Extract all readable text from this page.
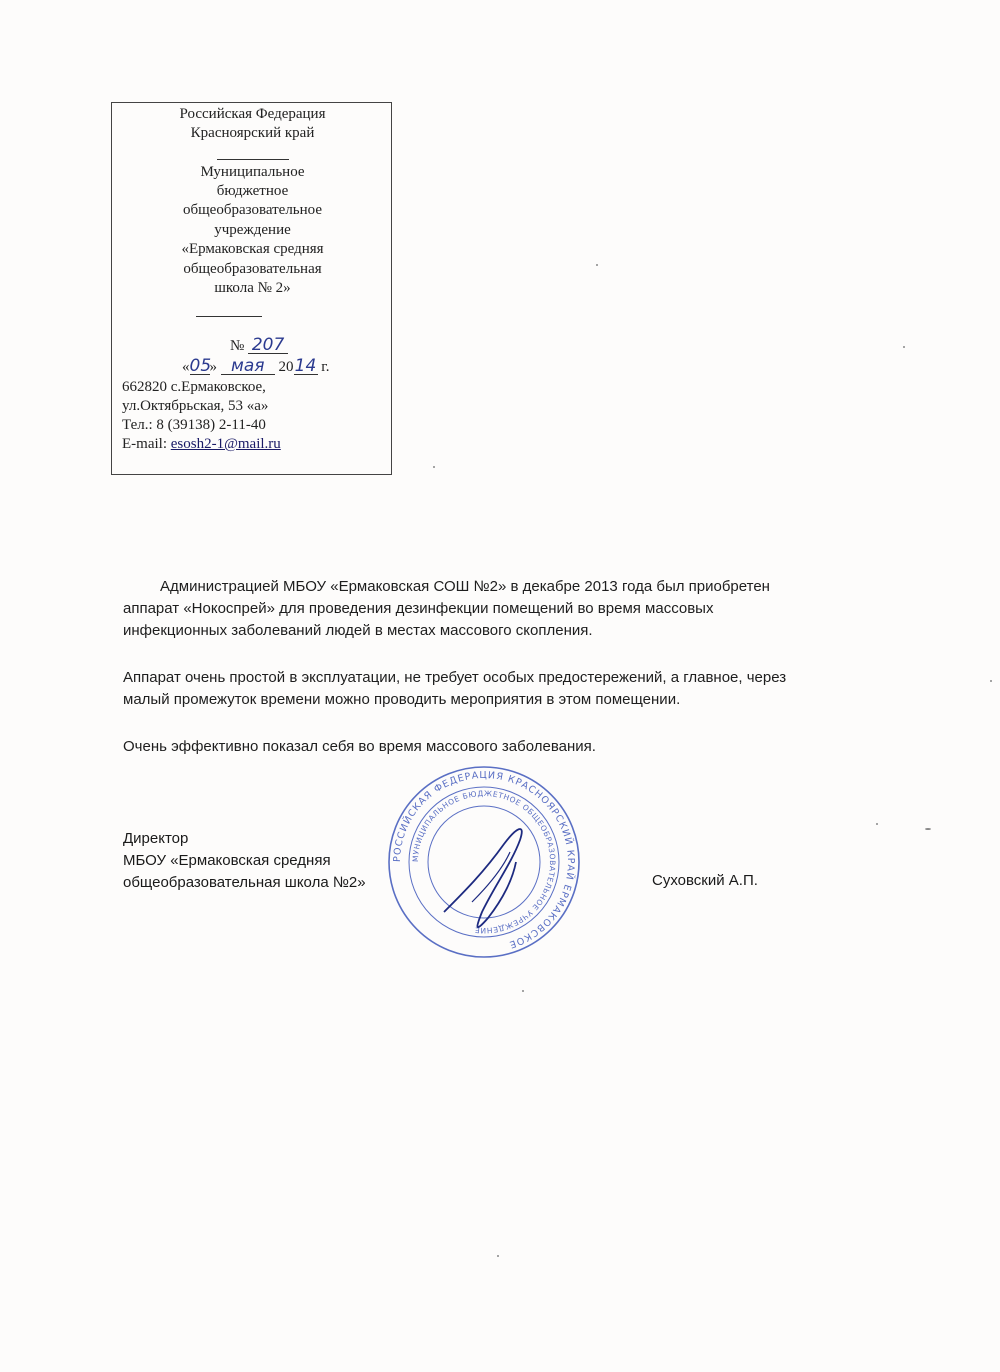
Российская Федерация
Красноярский край
Муниципальное
бюджетное
общеобразовательное
учреждение
«Ермаковская средняя
общеобразовательная
школа № 2»
№ 207
«05» мая 2014 г.
662820 с.Ермаковское,
ул.Октябрьская, 53 «а»
Тел.: 8 (39138) 2-11-40
E-mail: esosh2-1@mail.ru
Администрацией МБОУ «Ермаковская СОШ №2» в декабре 2013 года был приобретен
аппарат «Нокоспрей» для проведения дезинфекции помещений во время массовых
инфекционных заболеваний людей в местах массового скопления.
Аппарат очень простой в эксплуатации, не требует особых предостережений, а главное, через
малый промежуток времени можно проводить мероприятия в этом помещении.
Очень эффективно показал себя во время массового заболевания.
Директор
МБОУ «Ермаковская средняя
общеобразовательная школа №2»	Суховский А.П.
РОССИЙСКАЯ ФЕДЕРАЦИЯ КРАСНОЯРСКИЙ КРАЙ ЕРМАКОВСКОЕ
МУНИЦИПАЛЬНОЕ БЮДЖЕТНОЕ ОБЩЕОБРАЗОВАТЕЛЬНОЕ УЧРЕЖДЕНИЕ
